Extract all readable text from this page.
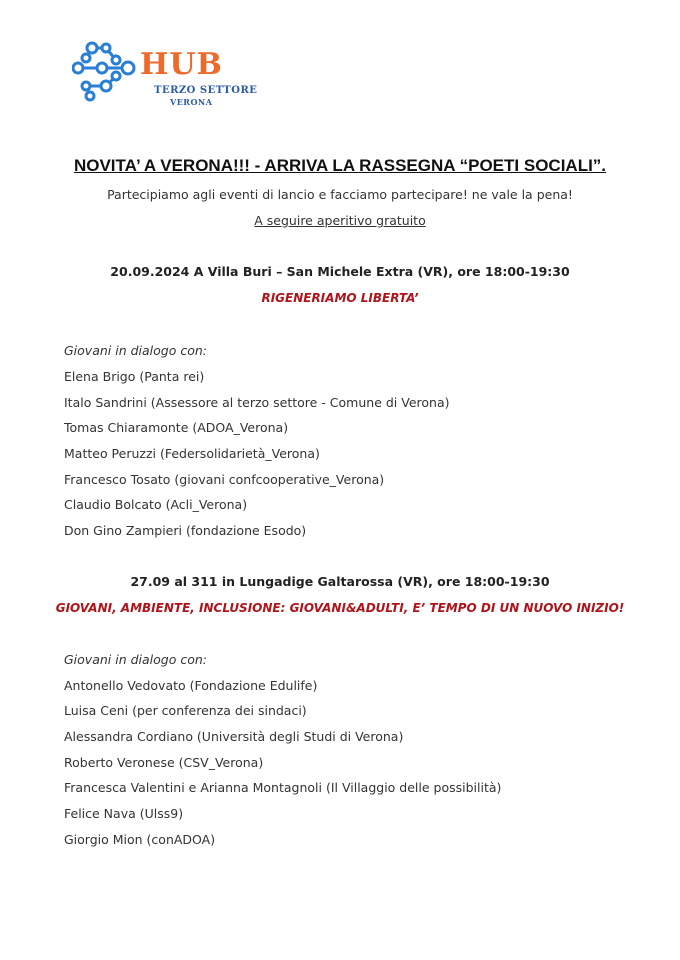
HUB
TERZO SETTORE
VERONA
NOVITA’ A VERONA!!! - ARRIVA LA RASSEGNA “POETI SOCIALI”.
Partecipiamo agli eventi di lancio e facciamo partecipare! ne vale la pena!
A seguire aperitivo gratuito
20.09.2024 A Villa Buri – San Michele Extra (VR), ore 18:00-19:30
RIGENERIAMO LIBERTA’
Giovani in dialogo con:
Elena Brigo (Panta rei)
Italo Sandrini (Assessore al terzo settore - Comune di Verona)
Tomas Chiaramonte (ADOA_Verona)
Matteo Peruzzi (Federsolidarietà_Verona)
Francesco Tosato (giovani confcooperative_Verona)
Claudio Bolcato (Acli_Verona)
Don Gino Zampieri (fondazione Esodo)
27.09 al 311 in Lungadige Galtarossa (VR), ore 18:00-19:30
GIOVANI, AMBIENTE, INCLUSIONE: GIOVANI&ADULTI, E’ TEMPO DI UN NUOVO INIZIO!
Giovani in dialogo con:
Antonello Vedovato (Fondazione Edulife)
Luisa Ceni (per conferenza dei sindaci)
Alessandra Cordiano (Università degli Studi di Verona)
Roberto Veronese (CSV_Verona)
Francesca Valentini e Arianna Montagnoli (Il Villaggio delle possibilità)
Felice Nava (Ulss9)
Giorgio Mion (conADOA)
